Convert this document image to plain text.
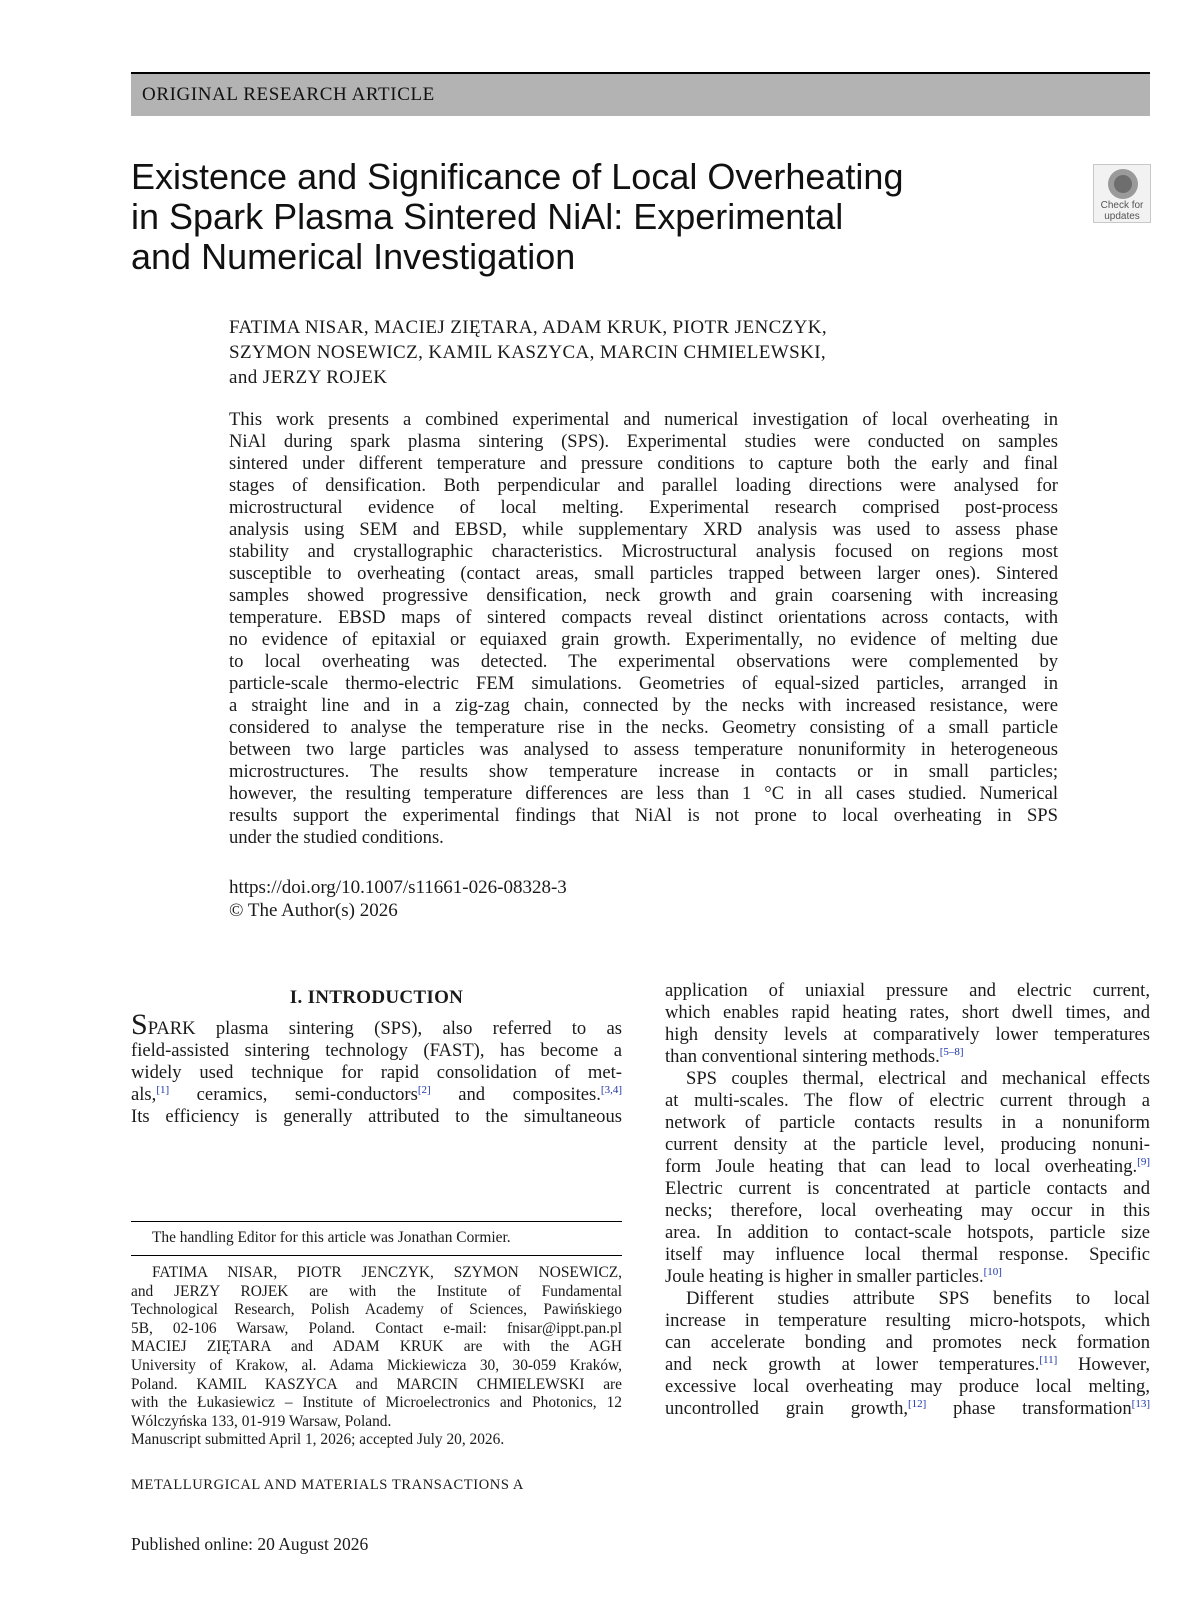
ORIGINAL RESEARCH ARTICLE
Existence and Significance of Local Overheating
in Spark Plasma Sintered NiAl: Experimental
and Numerical Investigation
Check for
updates
FATIMA NISAR, MACIEJ ZIĘTARA, ADAM KRUK, PIOTR JENCZYK,
SZYMON NOSEWICZ, KAMIL KASZYCA, MARCIN CHMIELEWSKI,
and JERZY ROJEK
This work presents a combined experimental and numerical investigation of local overheating in
NiAl during spark plasma sintering (SPS). Experimental studies were conducted on samples
sintered under different temperature and pressure conditions to capture both the early and final
stages of densification. Both perpendicular and parallel loading directions were analysed for
microstructural evidence of local melting. Experimental research comprised post-process
analysis using SEM and EBSD, while supplementary XRD analysis was used to assess phase
stability and crystallographic characteristics. Microstructural analysis focused on regions most
susceptible to overheating (contact areas, small particles trapped between larger ones). Sintered
samples showed progressive densification, neck growth and grain coarsening with increasing
temperature. EBSD maps of sintered compacts reveal distinct orientations across contacts, with
no evidence of epitaxial or equiaxed grain growth. Experimentally, no evidence of melting due
to local overheating was detected. The experimental observations were complemented by
particle-scale thermo-electric FEM simulations. Geometries of equal-sized particles, arranged in
a straight line and in a zig-zag chain, connected by the necks with increased resistance, were
considered to analyse the temperature rise in the necks. Geometry consisting of a small particle
between two large particles was analysed to assess temperature nonuniformity in heterogeneous
microstructures. The results show temperature increase in contacts or in small particles;
however, the resulting temperature differences are less than 1 °C in all cases studied. Numerical
results support the experimental findings that NiAl is not prone to local overheating in SPS
under the studied conditions.
https://doi.org/10.1007/s11661-026-08328-3
© The Author(s) 2026
I. INTRODUCTION
SPARK plasma sintering (SPS), also referred to as
field-assisted sintering technology (FAST), has become a
widely used technique for rapid consolidation of met-
als,[1] ceramics, semi-conductors[2] and composites.[3,4]
Its efficiency is generally attributed to the simultaneous
The handling Editor for this article was Jonathan Cormier.
FATIMA NISAR, PIOTR JENCZYK, SZYMON NOSEWICZ,
and JERZY ROJEK are with the Institute of Fundamental
Technological Research, Polish Academy of Sciences, Pawińskiego
5B, 02-106 Warsaw, Poland. Contact e-mail: fnisar@ippt.pan.pl
MACIEJ ZIĘTARA and ADAM KRUK are with the AGH
University of Krakow, al. Adama Mickiewicza 30, 30-059 Kraków,
Poland. KAMIL KASZYCA and MARCIN CHMIELEWSKI are
with the Łukasiewicz – Institute of Microelectronics and Photonics, 12
Wólczyńska 133, 01-919 Warsaw, Poland.
Manuscript submitted April 1, 2026; accepted July 20, 2026.
application of uniaxial pressure and electric current,
which enables rapid heating rates, short dwell times, and
high density levels at comparatively lower temperatures
than conventional sintering methods.[5–8]
SPS couples thermal, electrical and mechanical effects
at multi-scales. The flow of electric current through a
network of particle contacts results in a nonuniform
current density at the particle level, producing nonuni-
form Joule heating that can lead to local overheating.[9]
Electric current is concentrated at particle contacts and
necks; therefore, local overheating may occur in this
area. In addition to contact-scale hotspots, particle size
itself may influence local thermal response. Specific
Joule heating is higher in smaller particles.[10]
Different studies attribute SPS benefits to local
increase in temperature resulting micro-hotspots, which
can accelerate bonding and promotes neck formation
and neck growth at lower temperatures.[11] However,
excessive local overheating may produce local melting,
uncontrolled grain growth,[12] phase transformation[13]
METALLURGICAL AND MATERIALS TRANSACTIONS A
Published online: 20 August 2026
